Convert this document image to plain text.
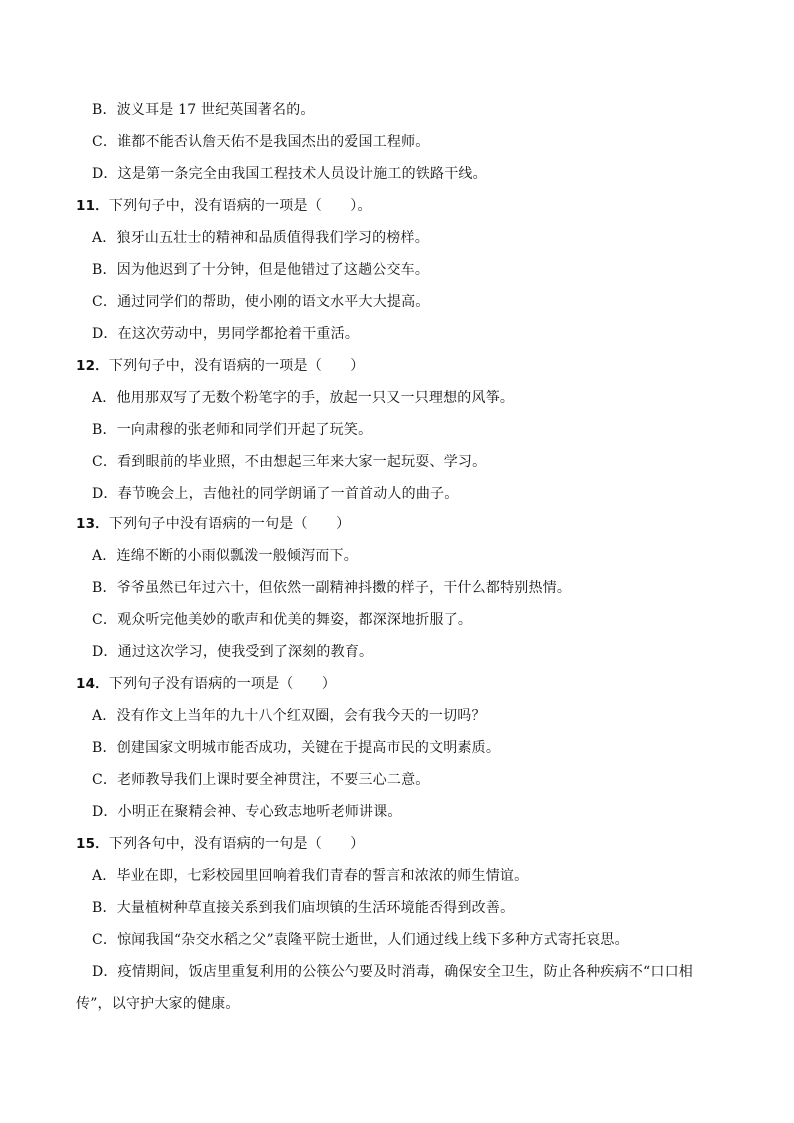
B．波义耳是 17 世纪英国著名的。
C．谁都不能否认詹天佑不是我国杰出的爱国工程师。
D．这是第一条完全由我国工程技术人员设计施工的铁路干线。
11．下列句子中，没有语病的一项是（　　）。
A．狼牙山五壮士的精神和品质值得我们学习的榜样。
B．因为他迟到了十分钟，但是他错过了这趟公交车。
C．通过同学们的帮助，使小刚的语文水平大大提高。
D．在这次劳动中，男同学都抢着干重活。
12．下列句子中，没有语病的一项是（　　）
A．他用那双写了无数个粉笔字的手，放起一只又一只理想的风筝。
B．一向肃穆的张老师和同学们开起了玩笑。
C．看到眼前的毕业照，不由想起三年来大家一起玩耍、学习。
D．春节晚会上，吉他社的同学朗诵了一首首动人的曲子。
13．下列句子中没有语病的一句是（　　）
A．连绵不断的小雨似瓢泼一般倾泻而下。
B．爷爷虽然已年过六十，但依然一副精神抖擞的样子，干什么都特别热情。
C．观众听完他美妙的歌声和优美的舞姿，都深深地折服了。
D．通过这次学习，使我受到了深刻的教育。
14．下列句子没有语病的一项是（　　）
A．没有作文上当年的九十八个红双圈，会有我今天的一切吗？
B．创建国家文明城市能否成功，关键在于提高市民的文明素质。
C．老师教导我们上课时要全神贯注，不要三心二意。
D．小明正在聚精会神、专心致志地听老师讲课。
15．下列各句中，没有语病的一句是（　　）
A．毕业在即，七彩校园里回响着我们青春的誓言和浓浓的师生情谊。
B．大量植树种草直接关系到我们庙坝镇的生活环境能否得到改善。
C．惊闻我国“杂交水稻之父”袁隆平院士逝世，人们通过线上线下多种方式寄托哀思。
D．疫情期间，饭店里重复利用的公筷公勺要及时消毒，确保安全卫生，防止各种疾病不“口口相
传”，以守护大家的健康。
